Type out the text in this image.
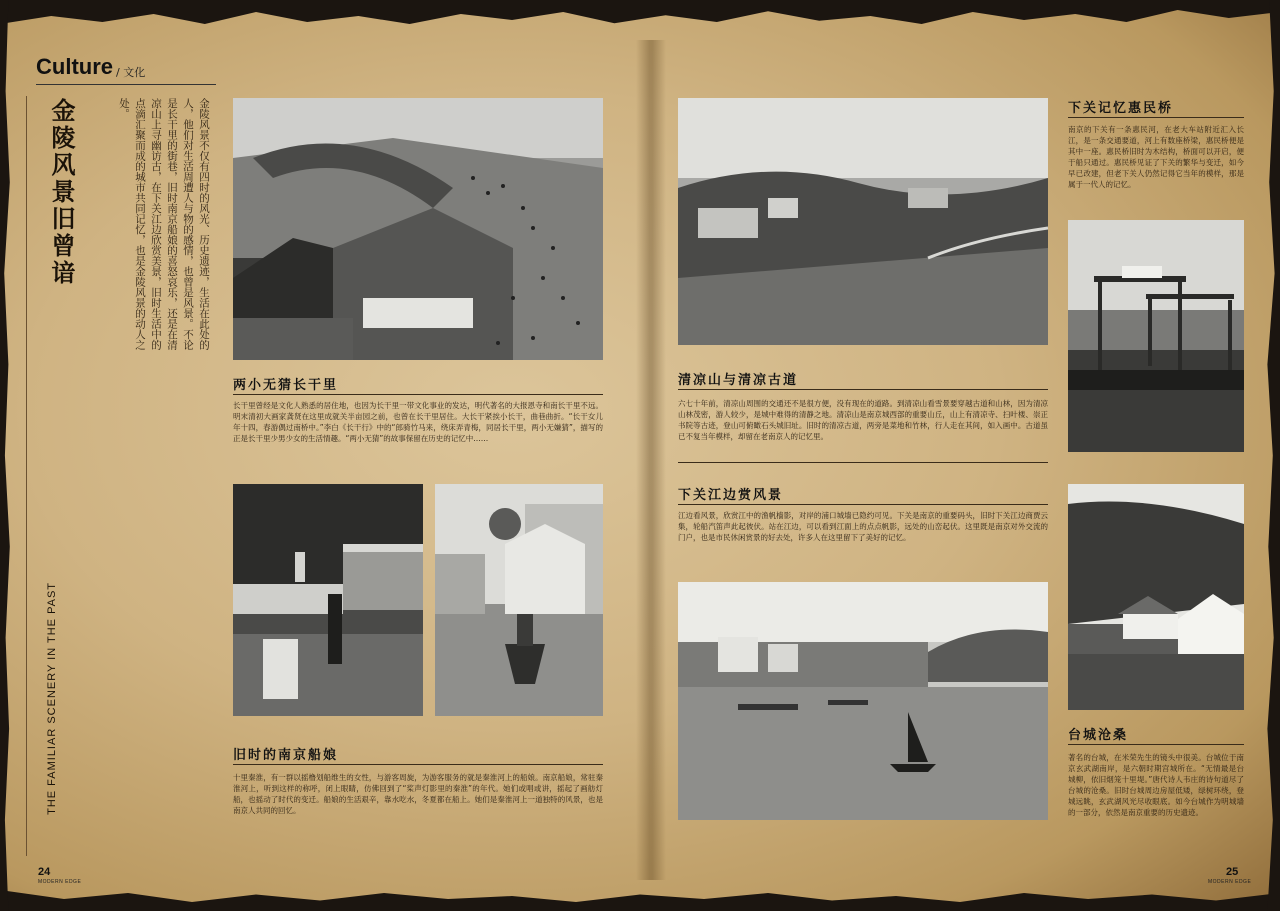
Culture / 文化
金陵风景旧曾谙	金陵风景不仅有四时的风光、历史遗迹，生活在此处的人，他们对生活周遭人与物的感情，也曾是风景。不论是长干里的街巷，旧时南京船娘的喜怒哀乐，还是在清凉山上寻幽访古，在下关江边欣赏美景，旧时生活中的点滴汇聚而成的城市共同记忆，也是金陵风景的动人之处。
THE FAMILIAR SCENERY IN THE PAST
两小无猜长干里
长干里曾经是文化人熟悉的居住地，也因为长干里一带文化事业的发达，明代著名的大报恩寺和南长干里不远。明末清初大画家龚贤在这里成就关半亩园之前，也曾在长干里居住。大长干紧挨小长干，曲巷曲折。“长干女儿年十四，春游偶过南桥中。”李白《长干行》中的“郎骑竹马来，绕床弄青梅，同居长干里，两小无嫌猜”，描写的正是长干里少男少女的生活情趣。“两小无猜”的故事保留在历史的记忆中……
旧时的南京船娘
十里秦淮，有一群以摇橹划船维生的女性，与游客周旋，为游客服务的就是秦淮河上的船娘。南京船娘，常驻秦淮河上，听到这样的称呼，闭上眼睛，仿佛回到了“桨声灯影里的秦淮”的年代。她们或唱或讲，摇起了画舫灯船，也摇动了时代的变迁。船娘的生活艰辛，靠水吃水，冬夏都在船上。她们是秦淮河上一道独特的风景，也是南京人共同的回忆。
24
MODERN EDGE
清凉山与清凉古道
六七十年前，清凉山周围的交通还不是很方便，没有现在的道路。到清凉山看雪景要穿越古道和山林，因为清凉山林茂密，游人较少，是城中难得的清静之地。清凉山是南京城西部的重要山丘，山上有清凉寺、扫叶楼、崇正书院等古迹，登山可俯瞰石头城旧址。旧时的清凉古道，两旁是菜地和竹林，行人走在其间，如入画中。古道虽已不复当年模样，却留在老南京人的记忆里。
下关江边赏风景
江边看风景，欣赏江中的渔帆樯影，对岸的浦口城墙已隐约可见。下关是南京的重要码头，旧时下关江边商贾云集，轮船汽笛声此起彼伏。站在江边，可以看到江面上的点点帆影，远处的山峦起伏。这里既是南京对外交流的门户，也是市民休闲赏景的好去处，许多人在这里留下了美好的记忆。
下关记忆惠民桥
南京的下关有一条惠民河，在老大车站附近汇入长江，是一条交通要道，河上有数座桥梁，惠民桥便是其中一座。惠民桥旧时为木结构，桥面可以开启，便于船只通过。惠民桥见证了下关的繁华与变迁，如今早已改建，但老下关人仍然记得它当年的模样，那是属于一代人的记忆。
台城沧桑
著名的台城，在米荣先生的镜头中很美。台城位于南京玄武湖南岸，是六朝时期宫城所在。“无情最是台城柳，依旧烟笼十里堤。”唐代诗人韦庄的诗句道尽了台城的沧桑。旧时台城周边房屋低矮，绿树环绕，登城远眺，玄武湖风光尽收眼底。如今台城作为明城墙的一部分，依然是南京重要的历史遗迹。
25
MODERN EDGE
